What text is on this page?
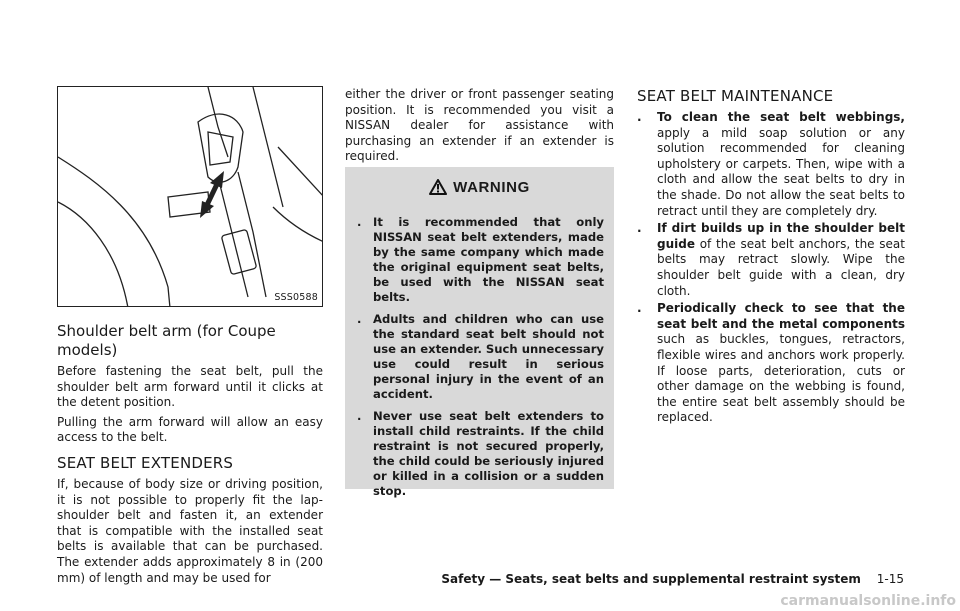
SSS0588
Shoulder belt arm (for Coupe models)

Before fastening the seat belt, pull the shoulder belt arm forward until it clicks at the detent position.

Pulling the arm forward will allow an easy access to the belt.

SEAT BELT EXTENDERS

If, because of body size or driving position, it is not possible to properly fit the lap-shoulder belt and fasten it, an extender that is compatible with the installed seat belts is available that can be purchased. The extender adds approximately 8 in (200 mm) of length and may be used for

either the driver or front passenger seating position. It is recommended you visit a NISSAN dealer for assistance with purchasing an extender if an extender is required.

WARNING
. It is recommended that only NISSAN seat belt extenders, made by the same company which made the original equipment seat belts, be used with the NISSAN seat belts.
. Adults and children who can use the standard seat belt should not use an extender. Such unnecessary use could result in serious personal injury in the event of an accident.
. Never use seat belt extenders to install child restraints. If the child restraint is not secured properly, the child could be seriously injured or killed in a collision or a sudden stop.
SEAT BELT MAINTENANCE
. To clean the seat belt webbings, apply a mild soap solution or any solution recommended for cleaning upholstery or carpets. Then, wipe with a cloth and allow the seat belts to dry in the shade. Do not allow the seat belts to retract until they are completely dry.
. If dirt builds up in the shoulder belt guide of the seat belt anchors, the seat belts may retract slowly. Wipe the shoulder belt guide with a clean, dry cloth.
. Periodically check to see that the seat belt and the metal components such as buckles, tongues, retractors, flexible wires and anchors work properly. If loose parts, deterioration, cuts or other damage on the webbing is found, the entire seat belt assembly should be replaced.
Safety — Seats, seat belts and supplemental restraint system 1-15
carmanualsonline.info
